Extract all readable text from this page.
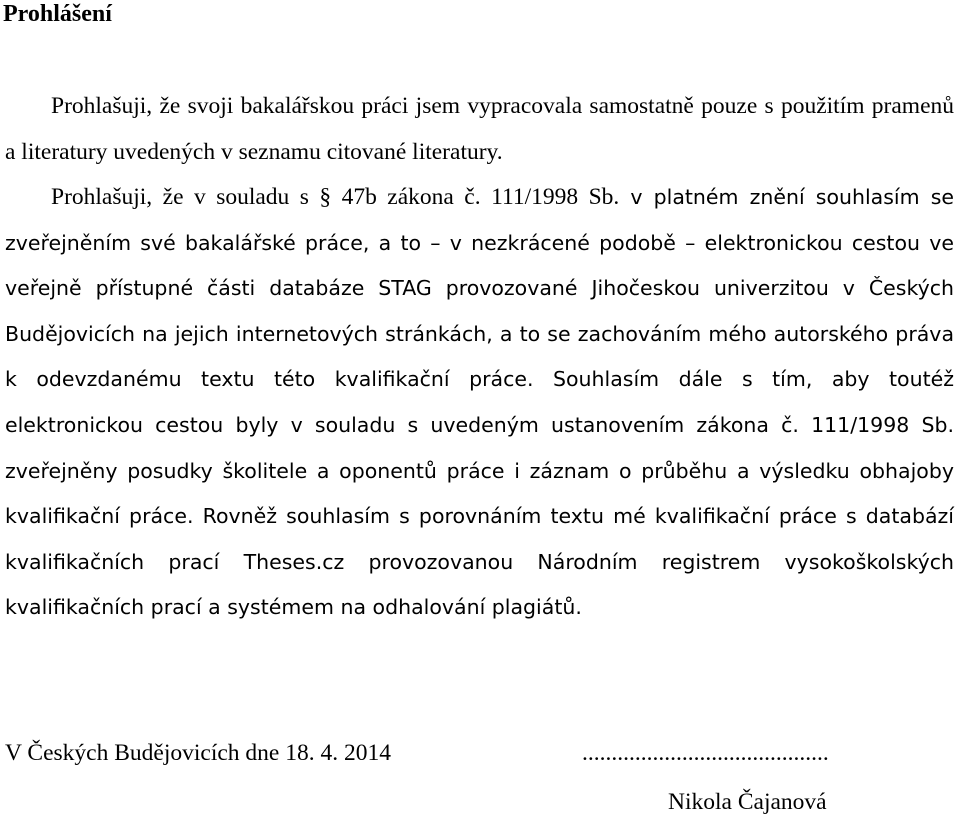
Prohlášení

Prohlašuji, že svoji bakalářskou práci jsem vypracovala samostatně pouze s použitím pramenů a literatury uvedených v seznamu citované literatury.

Prohlašuji, že v souladu s § 47b zákona č. 111/1998 Sb. v platném znění souhlasím se zveřejněním své bakalářské práce, a to – v nezkrácené podobě – elektronickou cestou ve veřejně přístupné části databáze STAG provozované Jihočeskou univerzitou v Českých Budějovicích na jejich internetových stránkách, a to se zachováním mého autorského práva k odevzdanému textu této kvalifikační práce. Souhlasím dále s tím, aby toutéž elektronickou cestou byly v souladu s uvedeným ustanovením zákona č. 111/1998 Sb. zveřejněny posudky školitele a oponentů práce i záznam o průběhu a výsledku obhajoby kvalifikační práce. Rovněž souhlasím s porovnáním textu mé kvalifikační práce s databází kvalifikačních prací Theses.cz provozovanou Národním registrem vysokoškolských kvalifikačních prací a systémem na odhalování plagiátů.

V Českých Budějovicích dne 18. 4. 2014	..........................................

Nikola Čajanová
